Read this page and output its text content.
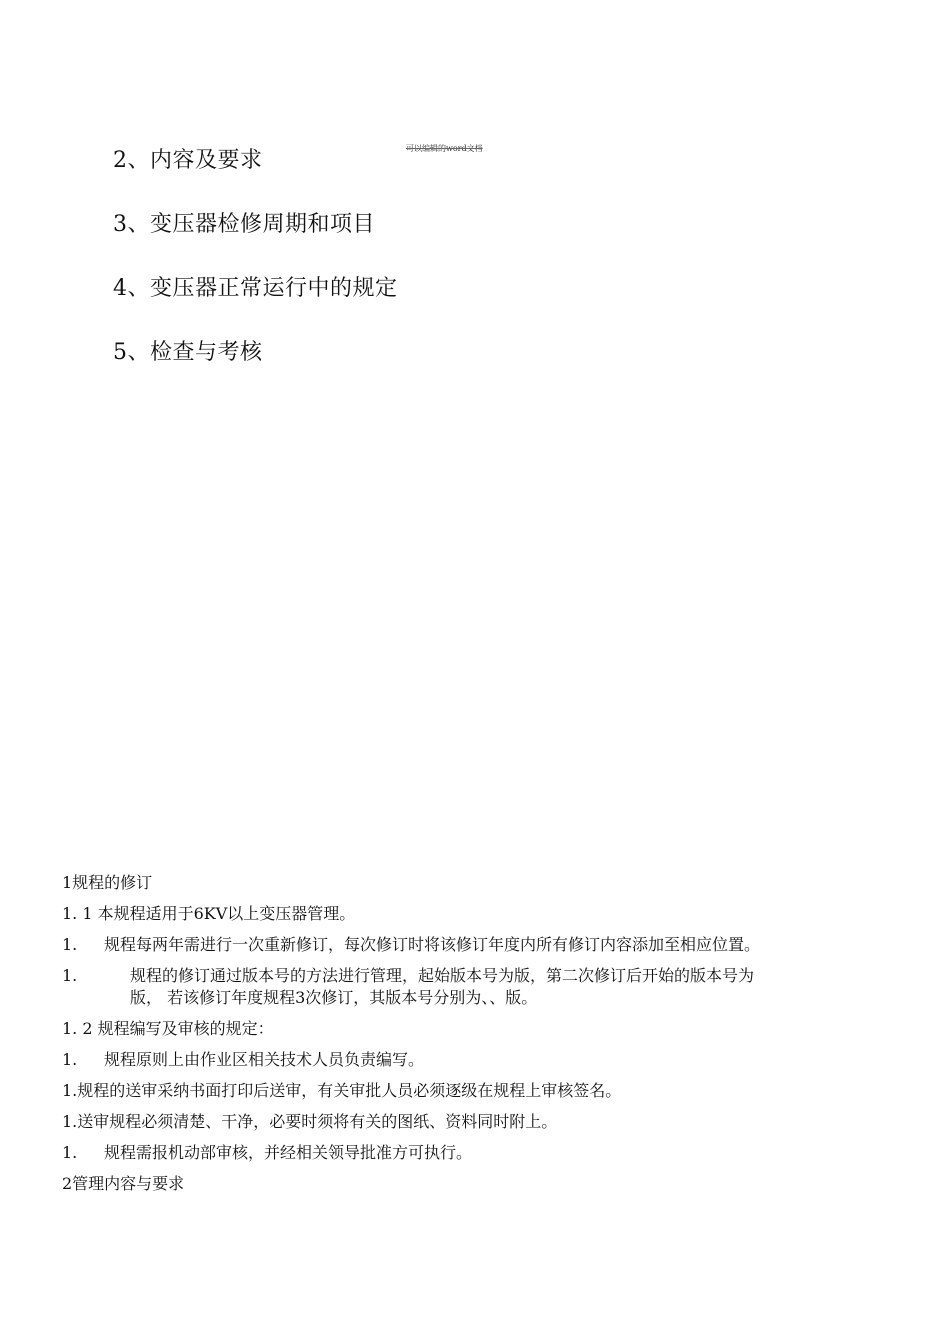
可以编辑的word文档
2、内容及要求
3、变压器检修周期和项目
4、变压器正常运行中的规定
5、检查与考核
1规程的修订
1. 1 本规程适用于6KV以上变压器管理。
1. 规程每两年需进行一次重新修订，每次修订时将该修订年度内所有修订内容添加至相应位置。
1.	规程的修订通过版本号的方法进行管理，起始版本号为版，第二次修订后开始的版本号为
版， 若该修订年度规程3次修订，其版本号分别为、、版。
1. 2 规程编写及审核的规定：
1. 规程原则上由作业区相关技术人员负责编写。
1.规程的送审采纳书面打印后送审，有关审批人员必须逐级在规程上审核签名。
1.送审规程必须清楚、干净，必要时须将有关的图纸、资料同时附上。
1. 规程需报机动部审核，并经相关领导批准方可执行。
2管理内容与要求
